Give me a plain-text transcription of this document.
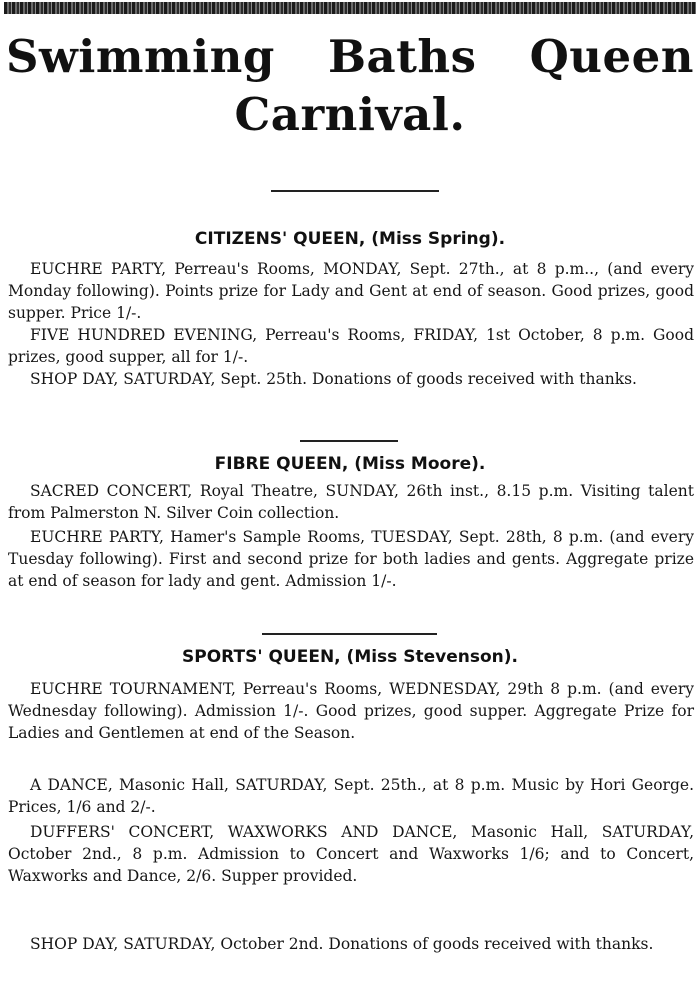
Swimming Baths Queen
Carnival.
CITIZENS' QUEEN, (Miss Spring).
EUCHRE PARTY, Perreau's Rooms, MONDAY, Sept. 27th., at 8 p.m.., (and every Monday following). Points prize for Lady and Gent at end of season. Good prizes, good supper. Price 1/-.
FIVE HUNDRED EVENING, Perreau's Rooms, FRIDAY, 1st October, 8 p.m. Good prizes, good supper, all for 1/-.
SHOP DAY, SATURDAY, Sept. 25th. Donations of goods received with thanks.
FIBRE QUEEN, (Miss Moore).
SACRED CONCERT, Royal Theatre, SUNDAY, 26th inst., 8.15 p.m. Visiting talent from Palmerston N. Silver Coin collection.
EUCHRE PARTY, Hamer's Sample Rooms, TUESDAY, Sept. 28th, 8 p.m. (and every Tuesday following). First and second prize for both ladies and gents. Aggregate prize at end of season for lady and gent. Admission 1/-.
SPORTS' QUEEN, (Miss Stevenson).
EUCHRE TOURNAMENT, Perreau's Rooms, WEDNESDAY, 29th 8 p.m. (and every Wednesday following). Admission 1/-. Good prizes, good supper. Aggregate Prize for Ladies and Gentlemen at end of the Season.
A DANCE, Masonic Hall, SATURDAY, Sept. 25th., at 8 p.m. Music by Hori George. Prices, 1/6 and 2/-.
DUFFERS' CONCERT, WAXWORKS AND DANCE, Masonic Hall, SATURDAY, October 2nd., 8 p.m. Admission to Concert and Waxworks 1/6; and to Concert, Waxworks and Dance, 2/6. Supper provided.
SHOP DAY, SATURDAY, October 2nd. Donations of goods received with thanks.
